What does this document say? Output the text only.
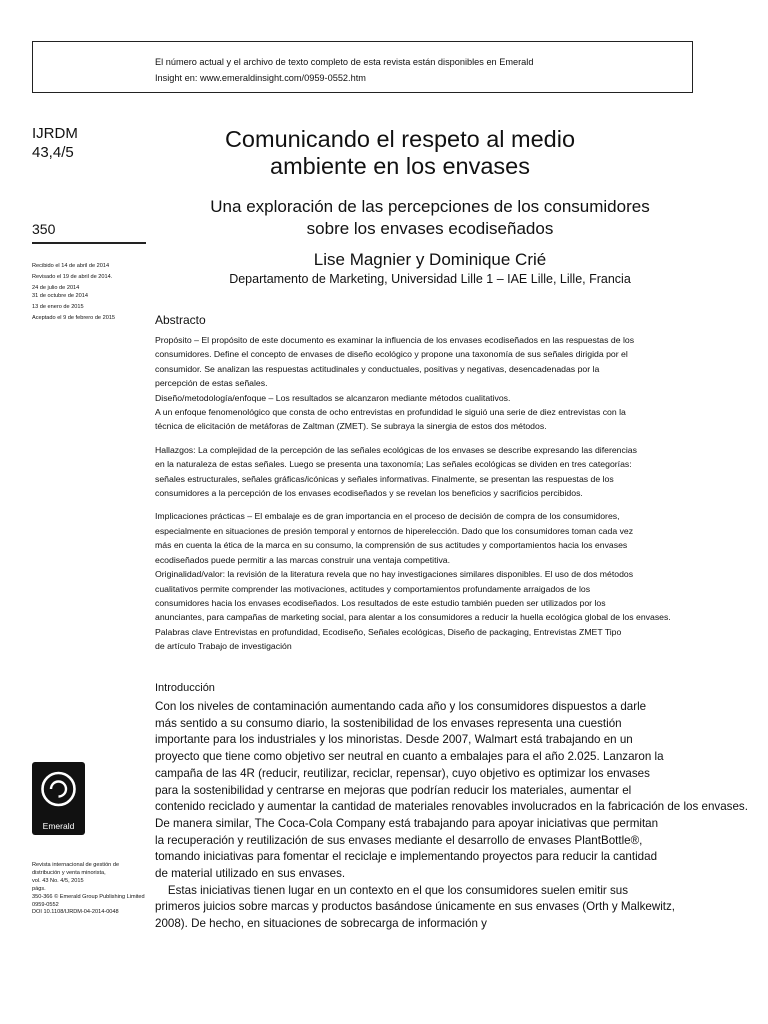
El número actual y el archivo de texto completo de esta revista están disponibles en Emerald
Insight en: www.emeraldinsight.com/0959-0552.htm
IJRDM
43,4/5
Comunicando el respeto al medio
ambiente en los envases
Una exploración de las percepciones de los consumidores
sobre los envases ecodiseñados
350
Lise Magnier y Dominique Crié
Departamento de Marketing, Universidad Lille 1 – IAE Lille, Lille, Francia
Recibido el 14 de abril de 2014
Revisado el 19 de abril de 2014.
24 de julio de 2014
31 de octubre de 2014
13 de enero de 2015
Aceptado el 9 de febrero de 2015	Abstracto
Propósito – El propósito de este documento es examinar la influencia de los envases ecodiseñados en las respuestas de los
consumidores. Define el concepto de envases de diseño ecológico y propone una taxonomía de sus señales dirigida por el
consumidor. Se analizan las respuestas actitudinales y conductuales, positivas y negativas, desencadenadas por la
percepción de estas señales.
Diseño/metodología/enfoque – Los resultados se alcanzaron mediante métodos cualitativos.
A un enfoque fenomenológico que consta de ocho entrevistas en profundidad le siguió una serie de diez entrevistas con la
técnica de elicitación de metáforas de Zaltman (ZMET). Se subraya la sinergia de estos dos métodos.
Hallazgos: La complejidad de la percepción de las señales ecológicas de los envases se describe expresando las diferencias
en la naturaleza de estas señales. Luego se presenta una taxonomía; Las señales ecológicas se dividen en tres categorías:
señales estructurales, señales gráficas/icónicas y señales informativas. Finalmente, se presentan las respuestas de los
consumidores a la percepción de los envases ecodiseñados y se revelan los beneficios y sacrificios percibidos.
Implicaciones prácticas – El embalaje es de gran importancia en el proceso de decisión de compra de los consumidores,
especialmente en situaciones de presión temporal y entornos de hiperelección. Dado que los consumidores toman cada vez
más en cuenta la ética de la marca en su consumo, la comprensión de sus actitudes y comportamientos hacia los envases
ecodiseñados puede permitir a las marcas construir una ventaja competitiva.
Originalidad/valor: la revisión de la literatura revela que no hay investigaciones similares disponibles. El uso de dos métodos
cualitativos permite comprender las motivaciones, actitudes y comportamientos profundamente arraigados de los
consumidores hacia los envases ecodiseñados. Los resultados de este estudio también pueden ser utilizados por los
anunciantes, para campañas de marketing social, para alentar a los consumidores a reducir la huella ecológica global de los envases.
Palabras clave Entrevistas en profundidad, Ecodiseño, Señales ecológicas, Diseño de packaging, Entrevistas ZMET Tipo
de artículo Trabajo de investigación
Introducción
Con los niveles de contaminación aumentando cada año y los consumidores dispuestos a darle
más sentido a su consumo diario, la sostenibilidad de los envases representa una cuestión
importante para los industriales y los minoristas. Desde 2007, Walmart está trabajando en un
proyecto que tiene como objetivo ser neutral en cuanto a embalajes para el año 2.025. Lanzaron la
campaña de las 4R (reducir, reutilizar, reciclar, repensar), cuyo objetivo es optimizar los envases
para la sostenibilidad y centrarse en mejoras que podrían reducir los materiales, aumentar el
contenido reciclado y aumentar la cantidad de materiales renovables involucrados en la fabricación de los envases.
De manera similar, The Coca-Cola Company está trabajando para apoyar iniciativas que permitan
la recuperación y reutilización de sus envases mediante el desarrollo de envases PlantBottle®,
tomando iniciativas para fomentar el reciclaje e implementando proyectos para reducir la cantidad
de material utilizado en sus envases.
Estas iniciativas tienen lugar en un contexto en el que los consumidores suelen emitir sus
primeros juicios sobre marcas y productos basándose únicamente en sus envases (Orth y Malkewitz,
2008). De hecho, en situaciones de sobrecarga de información y
Emerald
Revista internacional de gestión de
distribución y venta minorista,
vol. 43 No. 4/5, 2015
págs.
350-366 © Emerald Group Publishing Limited
0959-0552
DOI 10.1108/IJRDM-04-2014-0048
